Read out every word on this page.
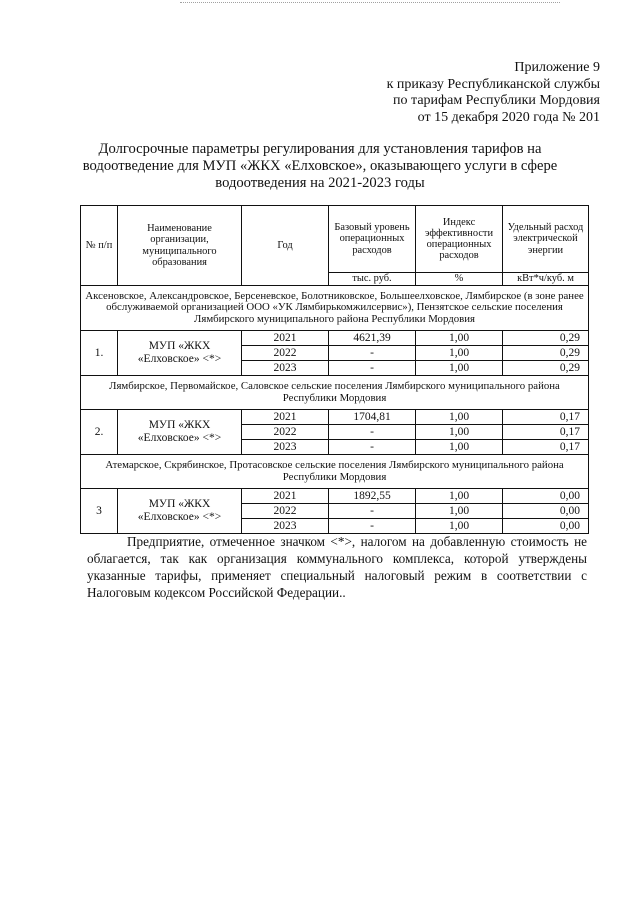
Приложение 9
к приказу Республиканской службы
по тарифам Республики Мордовия
от 15 декабря 2020 года № 201
Долгосрочные параметры регулирования для установления тарифов на
водоотведение для МУП «ЖКХ «Елховское», оказывающего услуги в сфере
водоотведения на 2021-2023 годы
№ п/п	Наименование организации, муниципального образования	Год	Базовый уровень операционных расходов	Индекс эффективности операционных расходов	Удельный расход электрической энергии
			тыс. руб.	%	кВт*ч/куб. м
Аксеновское, Александровское, Берсеневское, Болотниковское, Большеелховское, Лямбирское (в зоне ранее обслуживаемой организацией ООО «УК Лямбирькомжилсервис»), Пензятское сельские поселения Лямбирского муниципального района Республики Мордовия					
1.	МУП «ЖКХ «Елховское» <*>	2021	4621,39	1,00	0,29
		2022	-	1,00	0,29
		2023	-	1,00	0,29
Лямбирское, Первомайское, Саловское сельские поселения Лямбирского муниципального района Республики Мордовия					
2.	МУП «ЖКХ «Елховское» <*>	2021	1704,81	1,00	0,17
		2022	-	1,00	0,17
		2023	-	1,00	0,17
Атемарское, Скрябинское, Протасовское сельские поселения Лямбирского муниципального района Республики Мордовия					
3	МУП «ЖКХ «Елховское» <*>	2021	1892,55	1,00	0,00
		2022	-	1,00	0,00
		2023	-	1,00	0,00

Предприятие, отмеченное значком <*>, налогом на добавленную стоимость не облагается, так как организация коммунального комплекса, которой утверждены указанные тарифы, применяет специальный налоговый режим в соответствии с Налоговым кодексом Российской Федерации..
